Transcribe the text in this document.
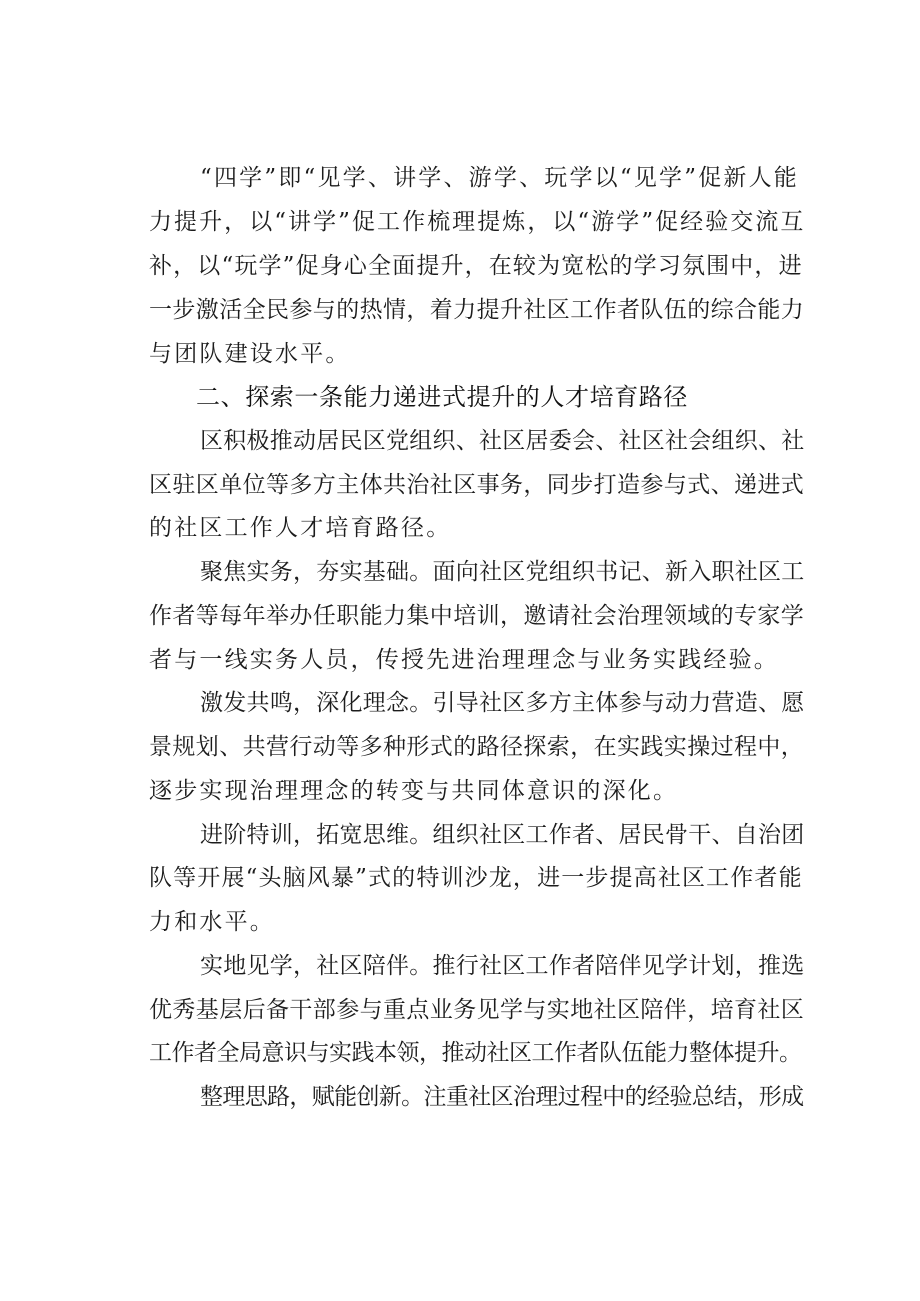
“四学”即“见学、讲学、游学、玩学以“见学”促新人能
力提升，以“讲学”促工作梳理提炼，以“游学”促经验交流互
补，以“玩学”促身心全面提升，在较为宽松的学习氛围中，进
一步激活全民参与的热情，着力提升社区工作者队伍的综合能力
与团队建设水平。
二、探索一条能力递进式提升的人才培育路径
区积极推动居民区党组织、社区居委会、社区社会组织、社
区驻区单位等多方主体共治社区事务，同步打造参与式、递进式
的社区工作人才培育路径。
聚焦实务，夯实基础。面向社区党组织书记、新入职社区工
作者等每年举办任职能力集中培训，邀请社会治理领域的专家学
者与一线实务人员，传授先进治理理念与业务实践经验。
激发共鸣，深化理念。引导社区多方主体参与动力营造、愿
景规划、共营行动等多种形式的路径探索，在实践实操过程中，
逐步实现治理理念的转变与共同体意识的深化。
进阶特训，拓宽思维。组织社区工作者、居民骨干、自治团
队等开展“头脑风暴”式的特训沙龙，进一步提高社区工作者能
力和水平。
实地见学，社区陪伴。推行社区工作者陪伴见学计划，推选
优秀基层后备干部参与重点业务见学与实地社区陪伴，培育社区
工作者全局意识与实践本领，推动社区工作者队伍能力整体提升。
整理思路，赋能创新。注重社区治理过程中的经验总结，形成
